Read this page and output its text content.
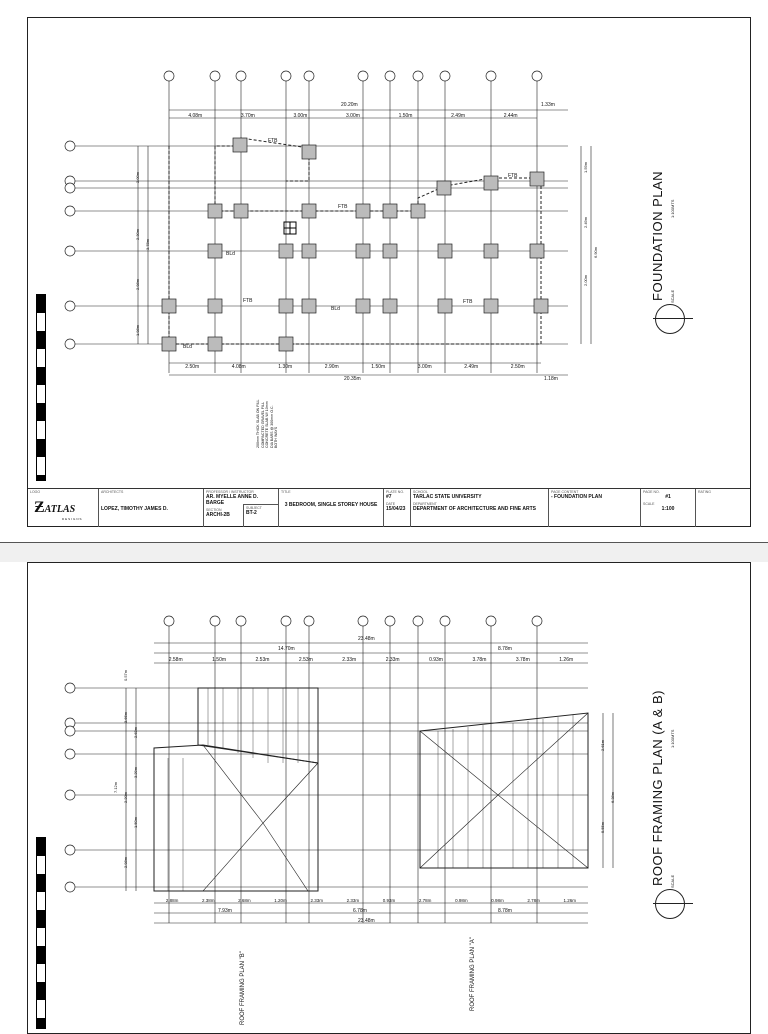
20.20m	1.33m
4.08m	3.70m	3.00m	3.00m	1.50m	2.49m	2.44m
2.50m	4.08m	1.30m	2.90m	1.50m	3.00m	2.49m	2.50m
20.35m	1.18m
2.00m
2.30m
2.98m
1.98m
3.78m
1.59m
2.49m
2.00m
6.90m
FTB
FTB
FTB
FTB	FTB
BLd
BLd
BLd
200mm THICK SLAB ON FILL COMPACTED GRAVEL FILL CONCRETE SLAB W/ 10mm DIA BARS @ 300mm O.C. BOTH WAYS
FOUNDATION PLAN SCALE
1:100MTS
LOGO
ƵATLAS
DESIGNS
ARCHITECTS
LOPEZ, TIMOTHY JAMES D.
PROFESSOR / INSTRUCTOR
AR. MYELLE ANNE D. BARGE
SECTION
ARCHI-2B
SUBJECT
BT-2
TITLE
3 BEDROOM, SINGLE STOREY HOUSE
PLATE NO.
#7
DATE
15/04/23
SCHOOL
TARLAC STATE UNIVERSITY
DEPARTMENT
DEPARTMENT OF ARCHITECTURE AND FINE ARTS
PAGE CONTENT
- FOUNDATION PLAN
PAGE NO.
#1
SCALE
1:100
RATING
23.48m
14.70m	8.78m
2.58m	1.50m	2.53m	2.53m	2.33m	2.33m	0.93m	3.78m	3.78m	1.26m
2.88m	2.38m	2.68m	1.20m	2.33m	2.33m	0.93m	2.78m	0.98m	0.98m	2.78m	1.26m
7.93m	6.78m	8.78m
23.48m
0.57m
3.66m
2.63m
3.29m
1.50m
2.98m
7.12m
2.20m
2.61m
5.55m
6.38m
ROOF FRAMING PLAN "B"	ROOF FRAMING PLAN "A"
ROOF FRAMING PLAN (A & B) SCALE
1:100MTS
